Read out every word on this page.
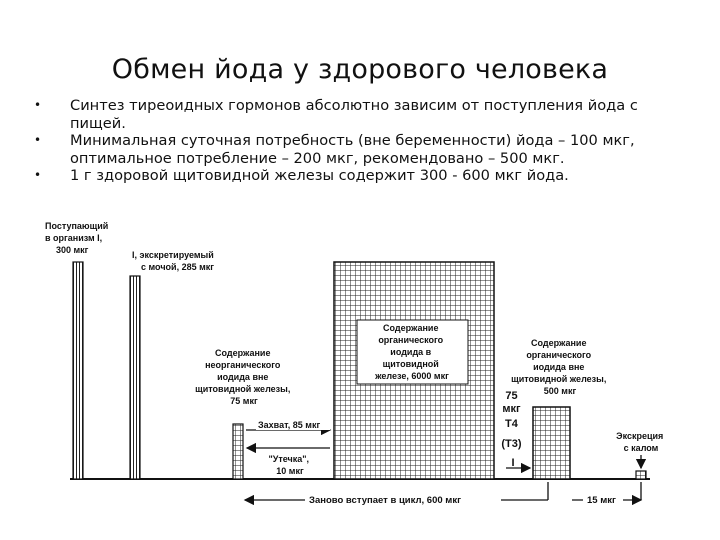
Обмен йода у здорового человека
• Синтез тиреоидных гормонов абсолютно зависим от поступления йода с пищей.
• Минимальная суточная потребность (вне беременности) йода – 100 мкг, оптимальное потребление – 200 мкг, рекомендовано – 500 мкг.
• 1 г здоровой щитовидной железы содержит 300 - 600 мкг йода.
Поступающий в организм I, 300 мкг	I, экскретируемый с мочой, 285 мкг
Содержание неорганического иодида вне щитовидной железы, 75 мкг
Захват, 85 мкг
"Утечка", 10 мкг
Содержание органического иодида в щитовидной железе, 6000 мкг
75 мкг T4 (T3) I
Содержание органического иодида вне щитовидной железы, 500 мкг
Экскреция с калом
Заново вступает в цикл, 600 мкг	15 мкг
